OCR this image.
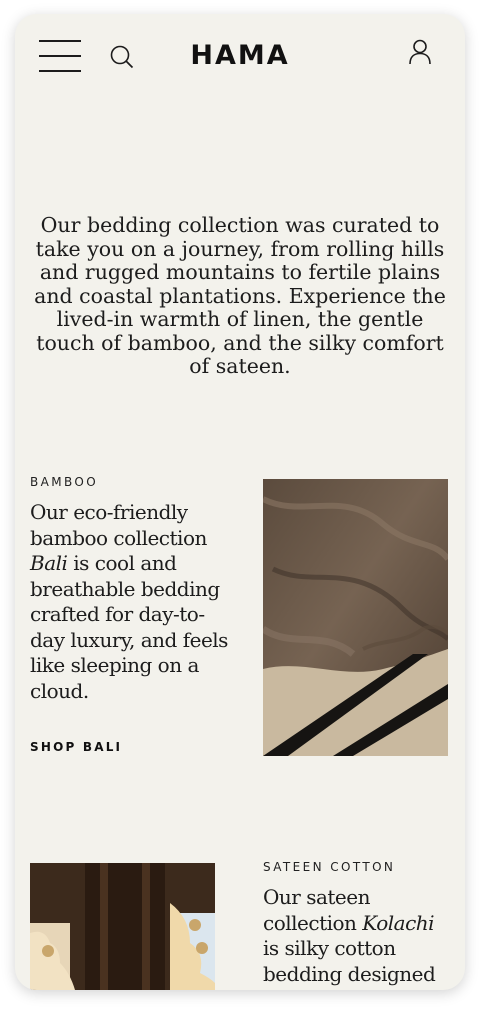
HAMA
Our bedding collection was curated to take you on a journey, from rolling hills and rugged mountains to fertile plains and coastal plantations. Experience the lived-in warmth of linen, the gentle touch of bamboo, and the silky comfort of sateen.
BAMBOO
Our eco-friendly bamboo collection Bali is cool and breathable bedding crafted for day-to-day luxury, and feels like sleeping on a cloud.
SHOP BALI
SATEEN COTTON
Our sateen collection Kolachi is silky cotton bedding designed
